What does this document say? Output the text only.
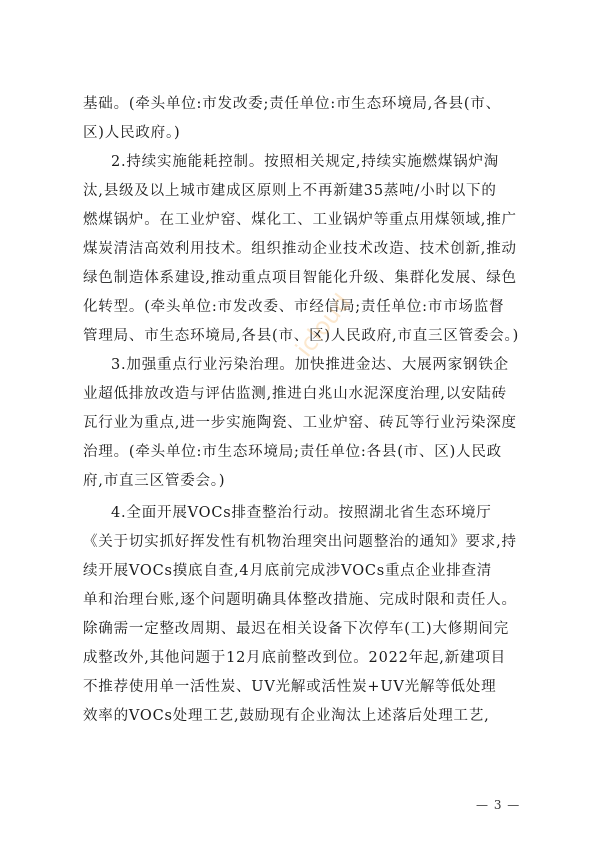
基础。(牵头单位:市发改委;责任单位:市生态环境局,各县(市、
区)人民政府。)
2.持续实施能耗控制。按照相关规定,持续实施燃煤锅炉淘
汰,县级及以上城市建成区原则上不再新建35蒸吨/小时以下的
燃煤锅炉。在工业炉窑、煤化工、工业锅炉等重点用煤领域,推广
煤炭清洁高效利用技术。组织推动企业技术改造、技术创新,推动
绿色制造体系建设,推动重点项目智能化升级、集群化发展、绿色
化转型。(牵头单位:市发改委、市经信局;责任单位:市市场监督
管理局、市生态环境局,各县(市、区)人民政府,市直三区管委会。)
3.加强重点行业污染治理。加快推进金达、大展两家钢铁企
业超低排放改造与评估监测,推进白兆山水泥深度治理,以安陆砖
瓦行业为重点,进一步实施陶瓷、工业炉窑、砖瓦等行业污染深度
治理。(牵头单位:市生态环境局;责任单位:各县(市、区)人民政
府,市直三区管委会。)
4.全面开展VOCs排查整治行动。按照湖北省生态环境厅
《关于切实抓好挥发性有机物治理突出问题整治的通知》要求,持
续开展VOCs摸底自查,4月底前完成涉VOCs重点企业排查清
单和治理台账,逐个问题明确具体整改措施、完成时限和责任人。
除确需一定整改周期、最迟在相关设备下次停车(工)大修期间完
成整改外,其他问题于12月底前整改到位。2022年起,新建项目
不推荐使用单一活性炭、UV光解或活性炭+UV光解等低处理
效率的VOCs处理工艺,鼓励现有企业淘汰上述落后处理工艺,
icloud
— 3 —
